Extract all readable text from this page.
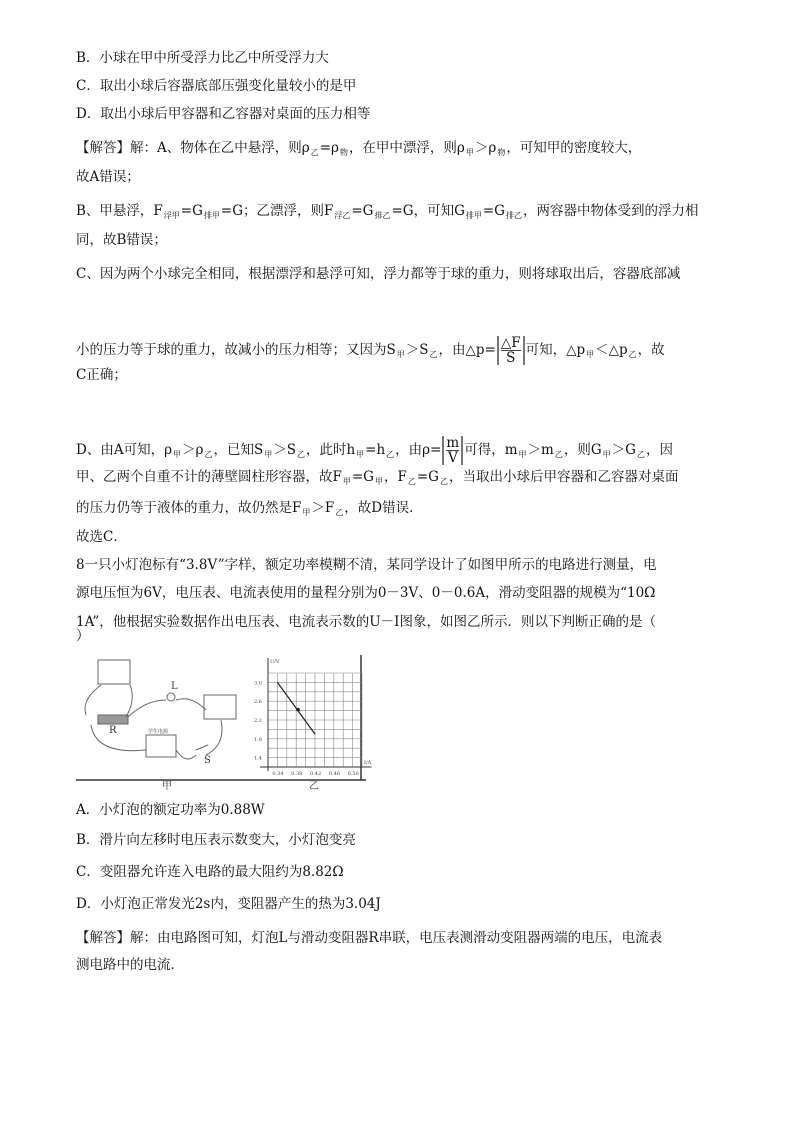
B．小球在甲中所受浮力比乙中所受浮力大
C．取出小球后容器底部压强变化量较小的是甲
D．取出小球后甲容器和乙容器对桌面的压力相等
【解答】解：A、物体在乙中悬浮，则$\rho_乙=\rho_物$，在甲中漂浮，则$\rho_甲>\rho_物$，可知甲的密度较大，
故A错误；
B、甲悬浮，$F_{浮甲}=G_{排甲}=G$；乙漂浮，则$F_{浮乙}=G_{排乙}=G$，可知$G_{排甲}=G_{排乙}$，两容器中物体受到的浮力相
同，故B错误；
C、因为两个小球完全相同，根据漂浮和悬浮可知，浮力都等于球的重力，则将球取出后，容器底部减
小的压力等于球的重力，故减小的压力相等；又因为$S_甲>S_乙$，由△p= $\frac{\triangle F}{S}$ 可知，$\triangle p_甲<\triangle p_乙$，故
C正确；
D、由A可知，$\rho_甲>\rho_乙$，已知$S_甲>S_乙$，此时$h_甲=h_乙$，由$\rho= \frac{m}{V}$ 可得，$m_甲>m_乙$，则$G_甲>G_乙$，因
甲、乙两个自重不计的薄壁圆柱形容器，故$F_甲=G_甲$，$F_乙=G_乙$，当取出小球后甲容器和乙容器对桌面
的压力仍等于液体的重力，故仍然是$F_甲>F_乙$，故D错误．
故选C．
8一只小灯泡标有“3.8V”字样，额定功率模糊不清，某同学设计了如图甲所示的电路进行测量，电
源电压恒为6V，电压表、电流表使用的量程分别为0－3V、0－0.6A，滑动变阻器的规模为“10Ω
1A”，他根据实验数据作出电压表、电流表示数的U－I图象，如图乙所示．则以下判断正确的是（
）
A．小灯泡的额定功率为0.88W
B．滑片向左移时电压表示数变大，小灯泡变亮
C．变阻器允许连入电路的最大阻约为8.82Ω
D．小灯泡正常发光2s内，变阻器产生的热为3.04J
【解答】解：由电路图可知，灯泡L与滑动变阻器R串联，电压表测滑动变阻器两端的电压，电流表
测电路中的电流．
L
R
S
学生电源
甲	乙
3.0
2.6
2.2
1.8
1.4
0.34 0.38 0.42 0.46 0.50
U/V
I/A
